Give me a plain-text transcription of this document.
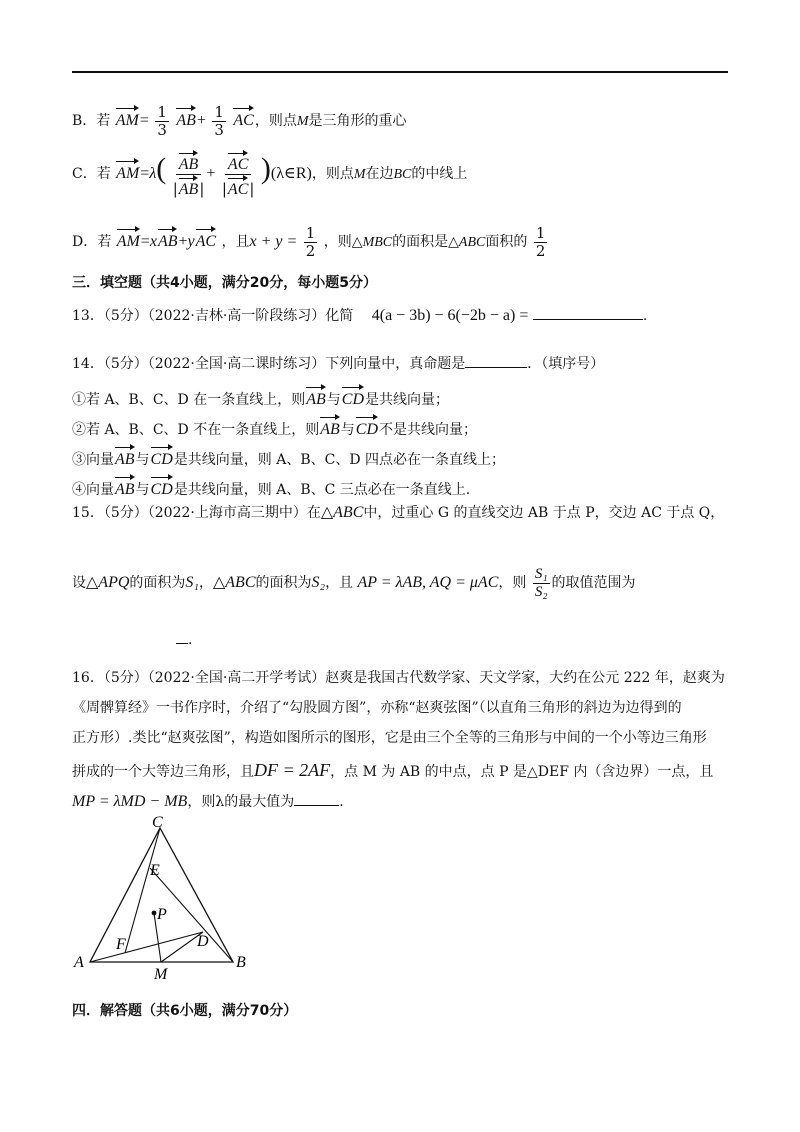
B．若 $AM= \frac{1}{3} AB+ \frac{1}{3}$ AC，则点M是三角形的重心
C．若 $AM=\lambda( \frac{AB}{|AB|} + \frac{AC}{|AC|}$ )(λ∈R)，则点M在边BC的中线上
D．若 AM=xAB+yAC ，且$x + y = \frac{1}{2}$ ，则△MBC的面积是△ABC面积的 $\frac{1}{2}$
三．填空题（共4小题，满分20分，每小题5分）
13．（5分）（2022·吉林·高一阶段练习）化简 4(a − 3b) − 6(−2b − a) =	.
14．（5分）（2022·全国·高二课时练习）下列向量中，真命题是	．（填序号）
①若 A、B、C、D 在一条直线上，则AB与CD是共线向量；
②若 A、B、C、D 不在一条直线上，则AB与CD不是共线向量；
③向量AB与CD是共线向量，则 A、B、C、D 四点必在一条直线上；
④向量AB与CD是共线向量，则 A、B、C 三点必在一条直线上.
15．（5分）（2022·上海市高三期中）在△ABC中，过重心 G 的直线交边 AB 于点 P，交边 AC 于点 Q，
设△APQ的面积为S₁，△ABC的面积为S₂，且 AP = λAB, AQ = μAC，则 $\frac{\text{S₁}}{\text{S₂}}$ 的取值范围为
.
16．（5分）（2022·全国·高二开学考试）赵爽是我国古代数学家、天文学家，大约在公元 222 年，赵爽为
《周髀算经》一书作序时，介绍了“勾股圆方图”，亦称“赵爽弦图”（以直角三角形的斜边为边得到的
正方形）.类比“赵爽弦图”，构造如图所示的图形，它是由三个全等的三角形与中间的一个小等边三角形
拼成的一个大等边三角形，且DF = 2AF，点 M 为 AB 的中点，点 P 是△DEF 内（含边界）一点，且
MP = λMD − MB，则λ的最大值为	.
C
E
P
D
F
A	B
M
四．解答题（共6小题，满分70分）
